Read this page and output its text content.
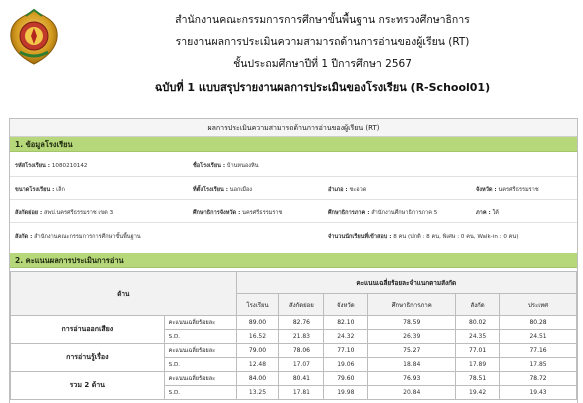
สำนักงานคณะกรรมการการศึกษาขั้นพื้นฐาน กระทรวงศึกษาธิการ
รายงานผลการประเมินความสามารถด้านการอ่านของผู้เรียน (RT)
ชั้นประถมศึกษาปีที่ 1 ปีการศึกษา 2567
ฉบับที่ 1 แบบสรุปรายงานผลการประเมินของโรงเรียน (R-School01)
ผลการประเมินความสามารถด้านการอ่านของผู้เรียน (RT)
1. ข้อมูลโรงเรียน
รหัสโรงเรียน : 1080210142	ชื่อโรงเรียน : บ้านหนองหิน
ขนาดโรงเรียน : เล็ก	ที่ตั้งโรงเรียน : นอกเมือง	อำเภอ : ชะอวด	จังหวัด : นครศรีธรรมราช
สังกัดย่อย : สพป.นครศรีธรรมราช เขต 3	ศึกษาธิการจังหวัด : นครศรีธรรมราช	ศึกษาธิการภาค : สำนักงานศึกษาธิการภาค 5	ภาค : ใต้
สังกัด : สำนักงานคณะกรรมการการศึกษาขั้นพื้นฐาน	จำนวนนักเรียนที่เข้าสอบ : 8 คน (ปกติ : 8 คน, พิเศษ : 0 คน, Walk-in : 0 คน)
2. คะแนนผลการประเมินการอ่าน
ด้าน		คะแนนเฉลี่ยร้อยละจำแนกตามสังกัด					
		โรงเรียน	สังกัดย่อย	จังหวัด	ศึกษาธิการภาค	สังกัด	ประเทศ
การอ่านออกเสียง	คะแนนเฉลี่ยร้อยละ	89.00	82.76	82.10	78.59	80.02	80.28
	S.D.	16.52	21.83	24.32	26.39	24.35	24.51
การอ่านรู้เรื่อง	คะแนนเฉลี่ยร้อยละ	79.00	78.06	77.10	75.27	77.01	77.16
	S.D.	12.48	17.07	19.06	18.84	17.89	17.85
รวม 2 ด้าน	คะแนนเฉลี่ยร้อยละ	84.00	80.41	79.60	76.93	78.51	78.72
	S.D.	13.25	17.81	19.98	20.84	19.42	19.43
